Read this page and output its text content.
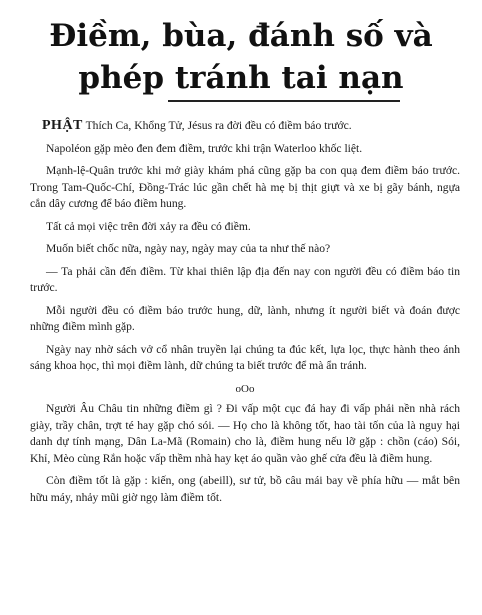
Điềm, bùa, đánh số và
phép tránh tai nạn

PHẬT Thích Ca, Khổng Tử, Jésus ra đời đều có điềm báo trước.

Napoléon gặp mèo đen đem điềm, trước khi trận Waterloo khốc liệt.

Mạnh-lệ-Quân trước khi mở giày khám phá cũng gặp ba con quạ đem điềm báo trước. Trong Tam-Quốc-Chí, Đồng-Trác lúc gần chết hà mẹ bị thịt giựt và xe bị gãy bánh, ngựa cắn dây cương để báo điềm hung.

Tất cả mọi việc trên đời xảy ra đều có điềm.

Muốn biết chốc nữa, ngày nay, ngày may của ta như thế nào?

— Ta phải cần đến điềm. Từ khai thiên lập địa đến nay con người đều có điềm báo tin trước.

Mỗi người đều có điềm báo trước hung, dữ, lành, nhưng ít người biết và đoán được những điềm mình gặp.

Ngày nay nhờ sách vở cổ nhân truyền lại chúng ta đúc kết, lựa lọc, thực hành theo ánh sáng khoa học, thì mọi điềm lành, dữ chúng ta biết trước để mà ẩn tránh.

oOo

Người Âu Châu tin những điềm gì ? Đi vấp một cục đá hay đi vấp phải nền nhà rách giày, trầy chân, trợt té hay gặp chó sói. — Họ cho là không tốt, hao tài tốn của là nguy hại danh dự tính mạng, Dân La-Mã (Romain) cho là, điềm hung nếu lỡ gặp : chồn (cáo) Sói, Khỉ, Mèo cùng Rắn hoặc vấp thềm nhà hay kẹt áo quần vào ghế cửa đều là điềm hung.

Còn điềm tốt là gặp : kiến, ong (abeill), sư tử, bồ câu mái bay về phía hữu — mắt bên hữu máy, nhảy mũi giờ ngọ làm điềm tốt.
